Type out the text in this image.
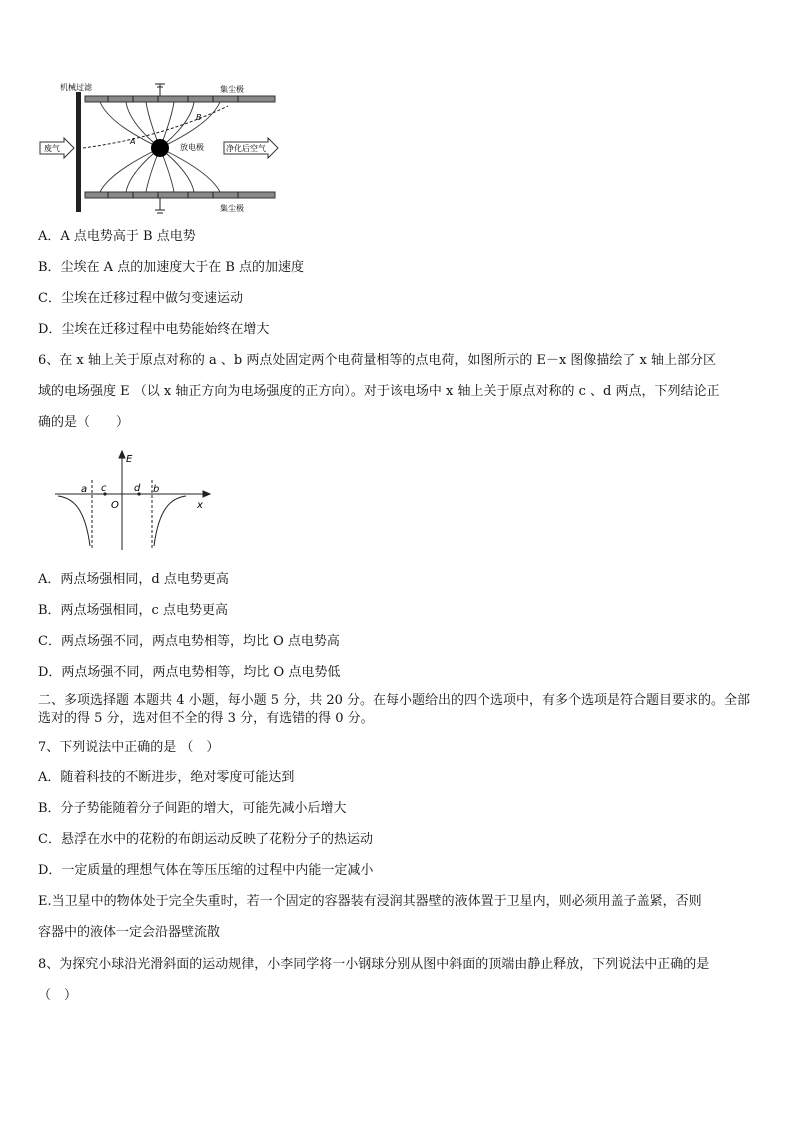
机械过滤	集尘极
集尘极
A
B
放电极
废气	净化后空气
A．A 点电势高于 B 点电势
B．尘埃在 A 点的加速度大于在 B 点的加速度
C．尘埃在迁移过程中做匀变速运动
D．尘埃在迁移过程中电势能始终在增大
6、在 x 轴上关于原点对称的 a 、b 两点处固定两个电荷量相等的点电荷，如图所示的 E－x 图像描绘了 x 轴上部分区
域的电场强度 E （以 x 轴正方向为电场强度的正方向）。对于该电场中 x 轴上关于原点对称的 c 、d 两点，下列结论正
确的是（　　）
E
x
a c
O
d b
A．两点场强相同，d 点电势更高
B．两点场强相同，c 点电势更高
C．两点场强不同，两点电势相等，均比 O 点电势高
D．两点场强不同，两点电势相等，均比 O 点电势低
二、多项选择题 本题共 4 小题，每小题 5 分，共 20 分。在每小题给出的四个选项中，有多个选项是符合题目要求的。全部选对的得 5 分，选对但不全的得 3 分，有选错的得 0 分。
7、下列说法中正确的是 （　）
A．随着科技的不断进步，绝对零度可能达到
B．分子势能随着分子间距的增大，可能先减小后增大
C．悬浮在水中的花粉的布朗运动反映了花粉分子的热运动
D．一定质量的理想气体在等压压缩的过程中内能一定减小
E.当卫星中的物体处于完全失重时，若一个固定的容器装有浸润其器壁的液体置于卫星内，则必须用盖子盖紧，否则
容器中的液体一定会沿器壁流散
8、为探究小球沿光滑斜面的运动规律，小李同学将一小钢球分别从图中斜面的顶端由静止释放，下列说法中正确的是
（　）
